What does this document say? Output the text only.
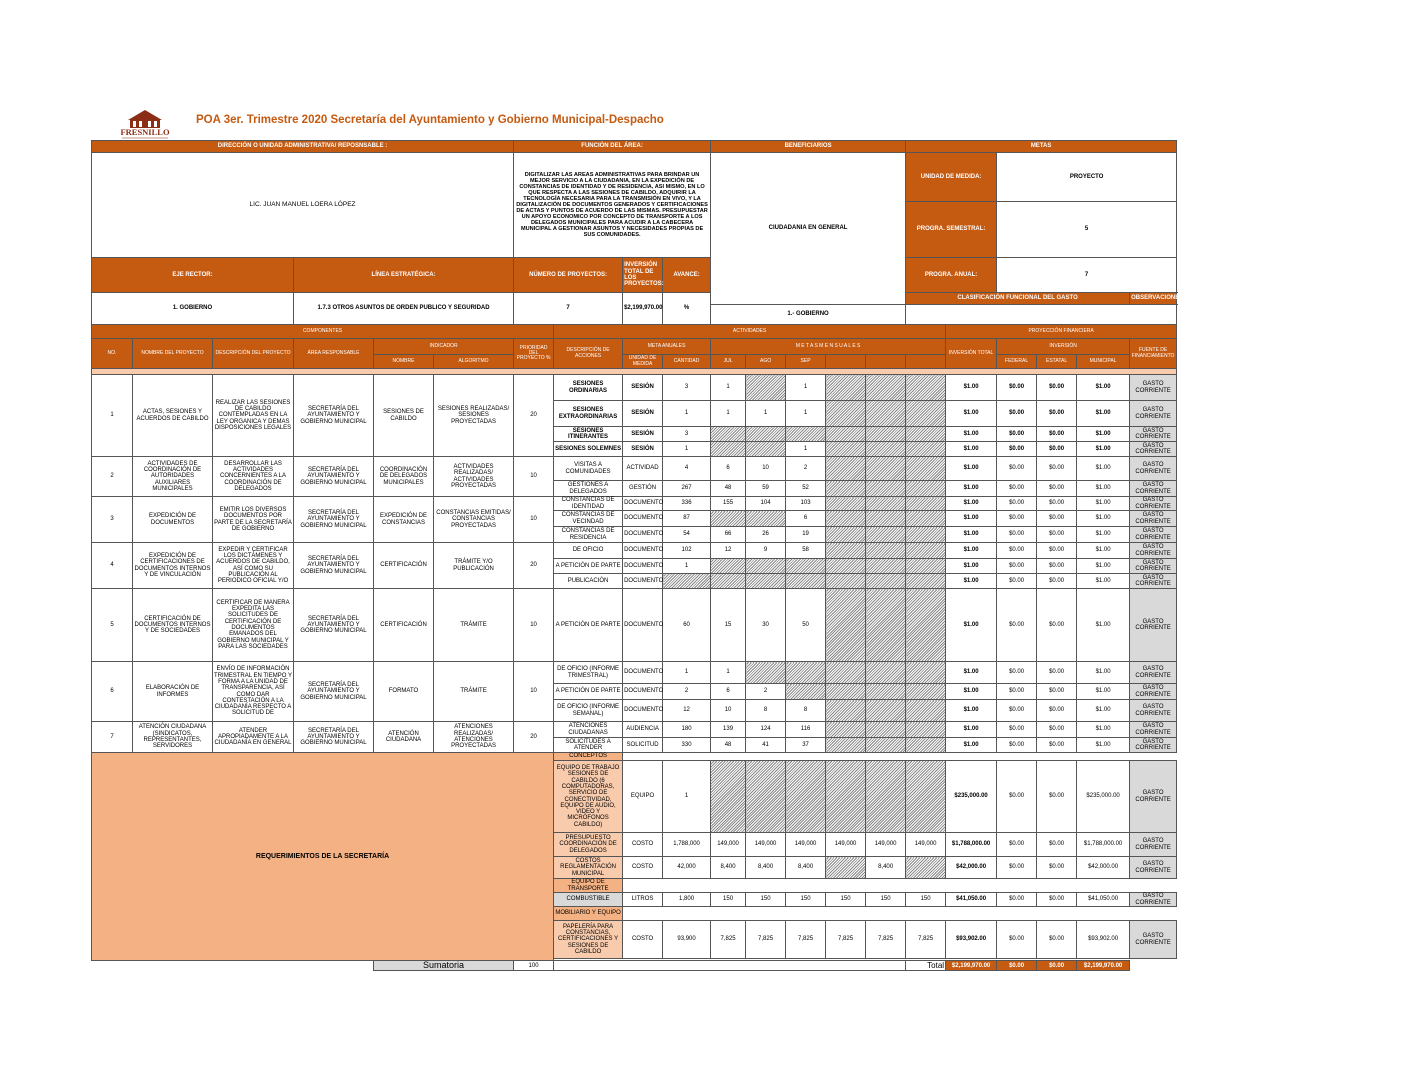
FRESNILLO
POA 3er. Trimestre 2020 Secretaría del Ayuntamiento y Gobierno Municipal-Despacho
DIRECCIÓN O UNIDAD ADMINISTRATIVA/ REPOSNSABLE :						FUNCIÓN DEL ÁREA:				BENEFICIARIOS					METAS					
LIC. JUAN MANUEL LOERA LÓPEZ						DIGITALIZAR LAS AREAS ADMINISTRATIVAS PARA BRINDAR UN MEJOR SERVICIO A LA CIUDADANIA, EN LA EXPEDICIÓN DE CONSTANCIAS DE IDENTIDAD Y DE RESIDENCIA, ASI MISMO, EN LO QUE RESPECTA A LAS SESIONES DE CABILDO, ADQUIRIR LA TECNOLOGÍA NECESARIA PARA LA TRANSMISIÓN EN VIVO, Y LA DIGITALIZACIÓN DE DOCUMENTOS GENERADOS Y CERTIFICACIONES DE ACTAS Y PUNTOS DE ACUERDO DE LAS MISMAS. PRESUPUESTAR UN APOYO ECONOMICO POR CONCEPTO DE TRANSPORTE A LOS DELEGADOS MUNICIPALES PARA ACUDIR A LA CABECERA MUNICIPAL A GESTIONAR ASUNTOS Y NECESIDADES PROPIAS DE SUS COMUNIDADES.				CIUDADANIA EN GENERAL					UNIDAD DE MEDIDA:		PROYECTO			
															PROGRA. SEMESTRAL:		5			
EJE RECTOR:			LÍNEA ESTRATÉGICA:			NÚMERO DE PROYECTOS:		INVERSIÓN TOTAL DE LOS PROYECTOS:	AVANCE:						PROGRA. ANUAL:		7			
1. GOBIERNO			1.7.3 OTROS ASUNTOS DE ORDEN PUBLICO Y SEGURIDAD			7		$2,199,970.00	%						CLASIFICACIÓN FUNCIONAL DEL GASTO					OBSERVACIONES
										1.- GOBIERNO										
COMPONENTES							ACTIVIDADES									PROYECCIÓN FINANCIERA				
NO.	NOMBRE DEL PROYECTO	DESCRIPCIÓN DEL PROYECTO	ÁREA RESPONSABLE	INDICADOR		PRIORIDAD DEL PROYECTO %	DESCRIPCIÓN DE ACCIONES	META ANUALES		M E T A S M E N S U A L E S						INVERSIÓN TOTAL	INVERSIÓN			FUENTE DE FINANCIAMIENTO
				NOMBRE	ALGORITMO			UNIDAD DE MEDIDA	CANTIDAD	JUL	AGO	SEP					FEDERAL	ESTATAL	MUNICIPAL	

1	ACTAS, SESIONES Y ACUERDOS DE CABILDO	REALIZAR LAS SESIONES DE CABILDO CONTEMPLADAS EN LA LEY ORGANICA Y DEMAS DISPOSICIONES LEGALES	SECRETARÍA DEL AYUNTAMIENTO Y GOBIERNO MUNICIPAL	SESIONES DE CABILDO	SESIONES REALIZADAS/ SESIONES PROYECTADAS	20	SESIONES ORDINARIAS	SESIÓN	3	1		1				$1.00	$0.00	$0.00	$1.00	GASTO CORRIENTE
							SESIONES EXTRAORDINARIAS	SESIÓN	1	1	1	1				$1.00	$0.00	$0.00	$1.00	GASTO CORRIENTE
							SESIONES ITINERANTES	SESIÓN	3							$1.00	$0.00	$0.00	$1.00	GASTO CORRIENTE
							SESIONES SOLEMNES	SESIÓN	1			1				$1.00	$0.00	$0.00	$1.00	GASTO CORRIENTE
2	ACTIVIDADES DE COORDINACIÓN DE AUTORIDADES AUXILIARES MUNICIPALES	DESARROLLAR LAS ACTIVIDADES CONCERNIENTES A LA COORDINACIÓN DE DELEGADOS	SECRETARÍA DEL AYUNTAMIENTO Y GOBIERNO MUNICIPAL	COORDINACIÓN DE DELEGADOS MUNICIPALES	ACTIVIDADES REALIZADAS/ ACTIVIDADES PROYECTADAS	10	VISITAS A COMUNIDADES	ACTIVIDAD	4	6	10	2				$1.00	$0.00	$0.00	$1.00	GASTO CORRIENTE
							GESTIONES A DELEGADOS	GESTIÓN	267	48	59	52				$1.00	$0.00	$0.00	$1.00	GASTO CORRIENTE
3	EXPEDICIÓN DE DOCUMENTOS	EMITIR LOS DIVERSOS DOCUMENTOS POR PARTE DE LA SECRETARÍA DE GOBIERNO	SECRETARÍA DEL AYUNTAMIENTO Y GOBIERNO MUNICIPAL	EXPEDICIÓN DE CONSTANCIAS	CONSTANCIAS EMITIDAS/ CONSTANCIAS PROYECTADAS	10	CONSTANCIAS DE IDENTIDAD	DOCUMENTO	336	155	104	103				$1.00	$0.00	$0.00	$1.00	GASTO CORRIENTE
							CONSTANCIAS DE VECINDAD	DOCUMENTO	87			6				$1.00	$0.00	$0.00	$1.00	GASTO CORRIENTE
							CONSTANCIAS DE RESIDENCIA	DOCUMENTO	54	66	26	19				$1.00	$0.00	$0.00	$1.00	GASTO CORRIENTE
4	EXPEDICIÓN DE CERTIFICACIONES DE DOCUMENTOS INTERNOS Y DE VINCULACIÓN	EXPEDIR Y CERTIFICAR LOS DICTÁMENES Y ACUERDOS DE CABILDO, ASÍ COMO SU PUBLICACIÓN AL PERIODICO OFICIAL Y/O	SECRETARÍA DEL AYUNTAMIENTO Y GOBIERNO MUNICIPAL	CERTIFICACIÓN	TRÁMITE Y/O PUBLICACIÓN	20	DE OFICIO	DOCUMENTO	102	12	9	58				$1.00	$0.00	$0.00	$1.00	GASTO CORRIENTE
							A PETICIÓN DE PARTE	DOCUMENTO	1							$1.00	$0.00	$0.00	$1.00	GASTO CORRIENTE
							PUBLICACIÓN	DOCUMENTO								$1.00	$0.00	$0.00	$1.00	GASTO CORRIENTE
5	CERTIFICACIÓN DE DOCUMENTOS INTERNOS Y DE SOCIEDADES	CERTIFICAR DE MANERA EXPEDITA LAS SOLICITUDES DE CERTIFICACIÓN DE DOCUMENTOS EMANADOS DEL GOBIERNO MUNICIPAL Y PARA LAS SOCIEDADES	SECRETARÍA DEL AYUNTAMIENTO Y GOBIERNO MUNICIPAL	CERTIFICACIÓN	TRÁMITE	10	A PETICIÓN DE PARTE	DOCUMENTO	60	15	30	50				$1.00	$0.00	$0.00	$1.00	GASTO CORRIENTE
6	ELABORACIÓN DE INFORMES	ENVÍO DE INFORMACIÓN TRIMESTRAL EN TIEMPO Y FORMA A LA UNIDAD DE TRANSPARENCIA, ASÍ COMO DAR CONTESTACIÓN A LA CIUDADANÍA RESPECTO A SOLICITUD DE	SECRETARÍA DEL AYUNTAMIENTO Y GOBIERNO MUNICIPAL	FORMATO	TRÁMITE	10	DE OFICIO (INFORME TRIMESTRAL)	DOCUMENTO	1	1						$1.00	$0.00	$0.00	$1.00	GASTO CORRIENTE
							A PETICIÓN DE PARTE	DOCUMENTO	2	6	2					$1.00	$0.00	$0.00	$1.00	GASTO CORRIENTE
							DE OFICIO (INFORME SEMANAL)	DOCUMENTO	12	10	8	8				$1.00	$0.00	$0.00	$1.00	GASTO CORRIENTE
7	ATENCIÓN CIUDADANA (SINDICATOS, REPRESENTANTES, SERVIDORES	ATENDER APROPIADAMENTE A LA CIUDADANÍA EN GENERAL	SECRETARÍA DEL AYUNTAMIENTO Y GOBIERNO MUNICIPAL	ATENCIÓN CIUDADANA	ATENCIONES REALIZADAS/ ATENCIONES PROYECTADAS	20	ATENCIONES CIUDADANAS	AUDIENCIA	180	139	124	116				$1.00	$0.00	$0.00	$1.00	GASTO CORRIENTE
							SOLICITUDES A ATENDER	SOLICITUD	330	48	41	37				$1.00	$0.00	$0.00	$1.00	GASTO CORRIENTE
REQUERIMIENTOS DE LA SECRETARÍA							CONCEPTOS													
							EQUIPO DE TRABAJO SESIONES DE CABILDO (6 COMPUTADORAS, SERVICIO DE CONECTIVIDAD, EQUIPO DE AUDIO, VIDEO Y MICRÓFONOS CABILDO)	EQUIPO	1							$235,000.00	$0.00	$0.00	$235,000.00	GASTO CORRIENTE
							PRESUPUESTO COORDINACIÓN DE DELEGADOS	COSTO	1,788,000	149,000	149,000	149,000	149,000	149,000	149,000	$1,788,000.00	$0.00	$0.00	$1,788,000.00	GASTO CORRIENTE
							COSTOS REGLAMENTACIÓN MUNICIPAL	COSTO	42,000	8,400	8,400	8,400		8,400		$42,000.00	$0.00	$0.00	$42,000.00	GASTO CORRIENTE
							EQUIPO DE TRANSPORTE													
							COMBUSTIBLE	LITROS	1,800	150	150	150	150	150	150	$41,050.00	$0.00	$0.00	$41,050.00	GASTO CORRIENTE
							MOBILIARIO Y EQUIPO													
							PAPELERÍA PARA CONSTANCIAS, CERTIFICACIONES Y SESIONES DE CABILDO	COSTO	93,900	7,825	7,825	7,825	7,825	7,825	7,825	$93,902.00	$0.00	$0.00	$93,902.00	GASTO CORRIENTE

				Sumatoria		100									Total	$2,199,970.00	$0.00	$0.00	$2,199,970.00	
